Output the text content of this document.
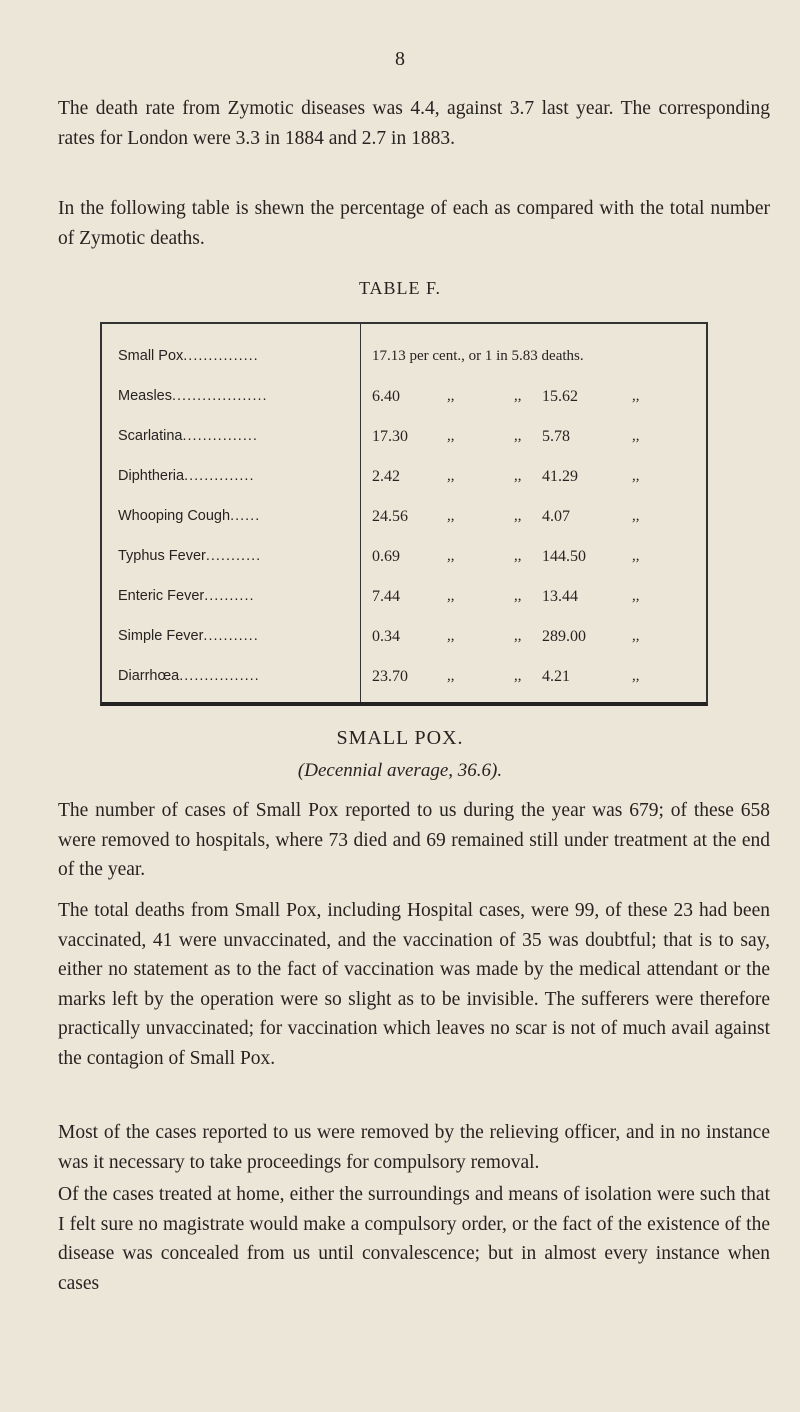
8

The death rate from Zymotic diseases was 4.4, against 3.7 last year. The corresponding rates for London were 3.3 in 1884 and 2.7 in 1883.

In the following table is shewn the percentage of each as compared with the total number of Zymotic deaths.

TABLE F.
Small Pox...............	17.13 per cent., or 1 in 5.83 deaths.
Measles...................	6.40	,,	,,	15.62	,,
Scarlatina...............	17.30	,,	,,	5.78	,,
Diphtheria..............	2.42	,,	,,	41.29	,,
Whooping Cough......	24.56	,,	,,	4.07	,,
Typhus Fever...........	0.69	,,	,,	144.50	,,
Enteric Fever..........	7.44	,,	,,	13.44	,,
Simple Fever...........	0.34	,,	,,	289.00	,,
Diarrhœa................	23.70	,,	,,	4.21	,,
SMALL POX.
(Decennial average, 36.6).

The number of cases of Small Pox reported to us during the year was 679; of these 658 were removed to hospitals, where 73 died and 69 remained still under treatment at the end of the year.

The total deaths from Small Pox, including Hospital cases, were 99, of these 23 had been vaccinated, 41 were unvaccinated, and the vaccination of 35 was doubtful; that is to say, either no statement as to the fact of vaccination was made by the medical attendant or the marks left by the operation were so slight as to be invisible. The sufferers were therefore practically unvaccinated; for vaccination which leaves no scar is not of much avail against the contagion of Small Pox.

Most of the cases reported to us were removed by the relieving officer, and in no instance was it necessary to take proceedings for compulsory removal.

Of the cases treated at home, either the surroundings and means of isolation were such that I felt sure no magistrate would make a compulsory order, or the fact of the existence of the disease was concealed from us until convalescence; but in almost every instance when cases
